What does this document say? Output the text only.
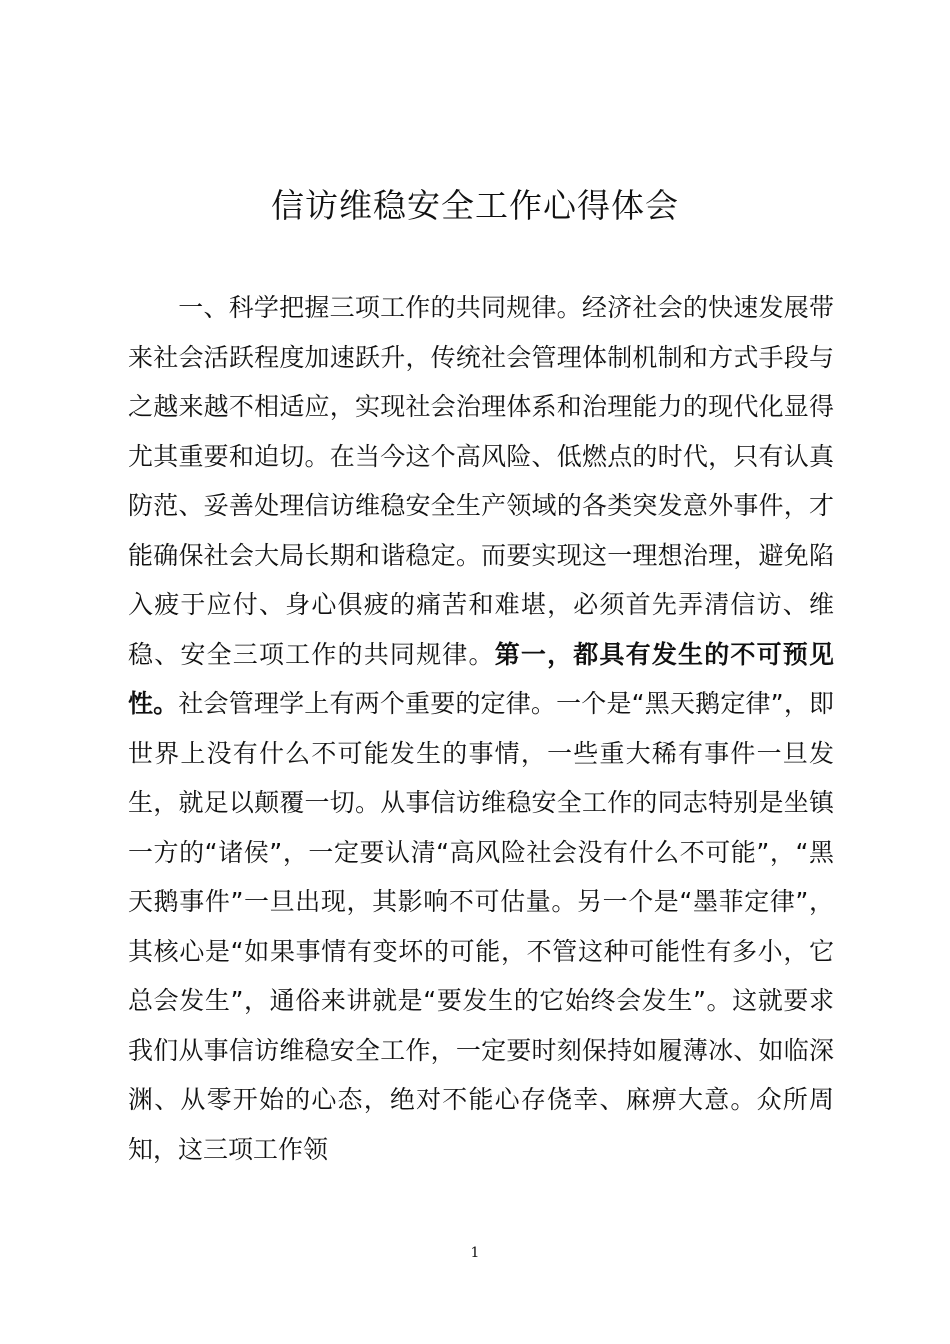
信访维稳安全工作心得体会

一、科学把握三项工作的共同规律。经济社会的快速发展带来社会活跃程度加速跃升，传统社会管理体制机制和方式手段与之越来越不相适应，实现社会治理体系和治理能力的现代化显得尤其重要和迫切。在当今这个高风险、低燃点的时代，只有认真防范、妥善处理信访维稳安全生产领域的各类突发意外事件，才能确保社会大局长期和谐稳定。而要实现这一理想治理，避免陷入疲于应付、身心俱疲的痛苦和难堪，必须首先弄清信访、维稳、安全三项工作的共同规律。第一，都具有发生的不可预见性。社会管理学上有两个重要的定律。一个是“黑天鹅定律”，即世界上没有什么不可能发生的事情，一些重大稀有事件一旦发生，就足以颠覆一切。从事信访维稳安全工作的同志特别是坐镇一方的“诸侯”，一定要认清“高风险社会没有什么不可能”，“黑天鹅事件”一旦出现，其影响不可估量。另一个是“墨菲定律”，其核心是“如果事情有变坏的可能，不管这种可能性有多小，它总会发生”，通俗来讲就是“要发生的它始终会发生”。这就要求我们从事信访维稳安全工作，一定要时刻保持如履薄冰、如临深渊、从零开始的心态，绝对不能心存侥幸、麻痹大意。众所周知，这三项工作领

1
